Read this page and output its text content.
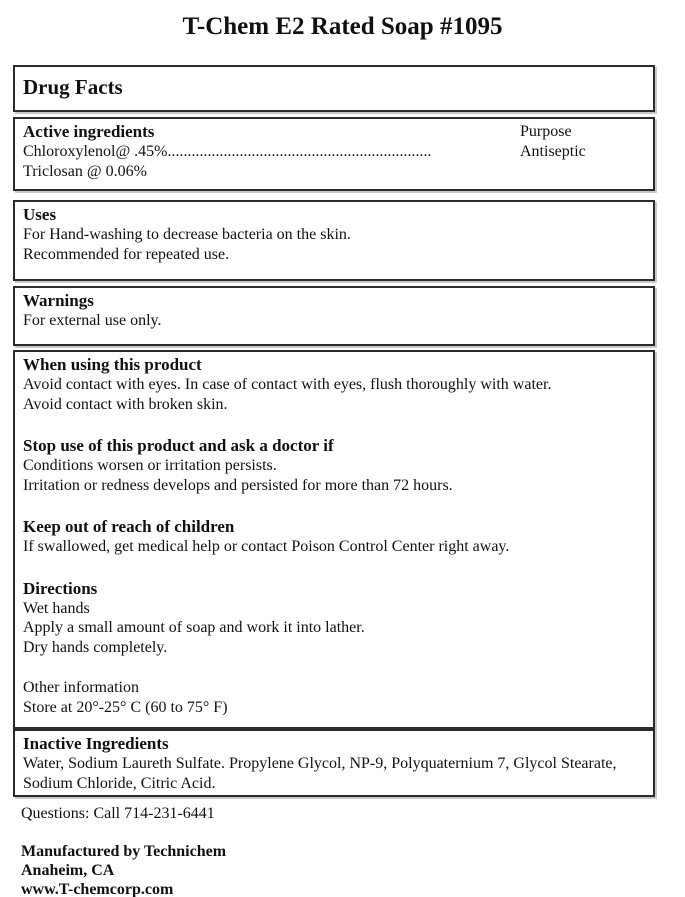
T-Chem E2 Rated Soap #1095
Drug Facts
Active ingredients	Purpose
Chloroxylenol@ .45%..................................................................	Antiseptic
Triclosan @ 0.06%
Uses

For Hand-washing to decrease bacteria on the skin.

Recommended for repeated use.

Warnings

For external use only.

When using this product

Avoid contact with eyes. In case of contact with eyes, flush thoroughly with water.

Avoid contact with broken skin.

Stop use of this product and ask a doctor if

Conditions worsen or irritation persists.

Irritation or redness develops and persisted for more than 72 hours.

Keep out of reach of children

If swallowed, get medical help or contact Poison Control Center right away.

Directions

Wet hands

Apply a small amount of soap and work it into lather.

Dry hands completely.

Other information

Store at 20°-25° C (60 to 75° F)

Inactive Ingredients

Water, Sodium Laureth Sulfate. Propylene Glycol, NP-9, Polyquaternium 7, Glycol Stearate,

Sodium Chloride, Citric Acid.

Questions: Call 714-231-6441
Manufactured by Technichem
Anaheim, CA
www.T-chemcorp.com
